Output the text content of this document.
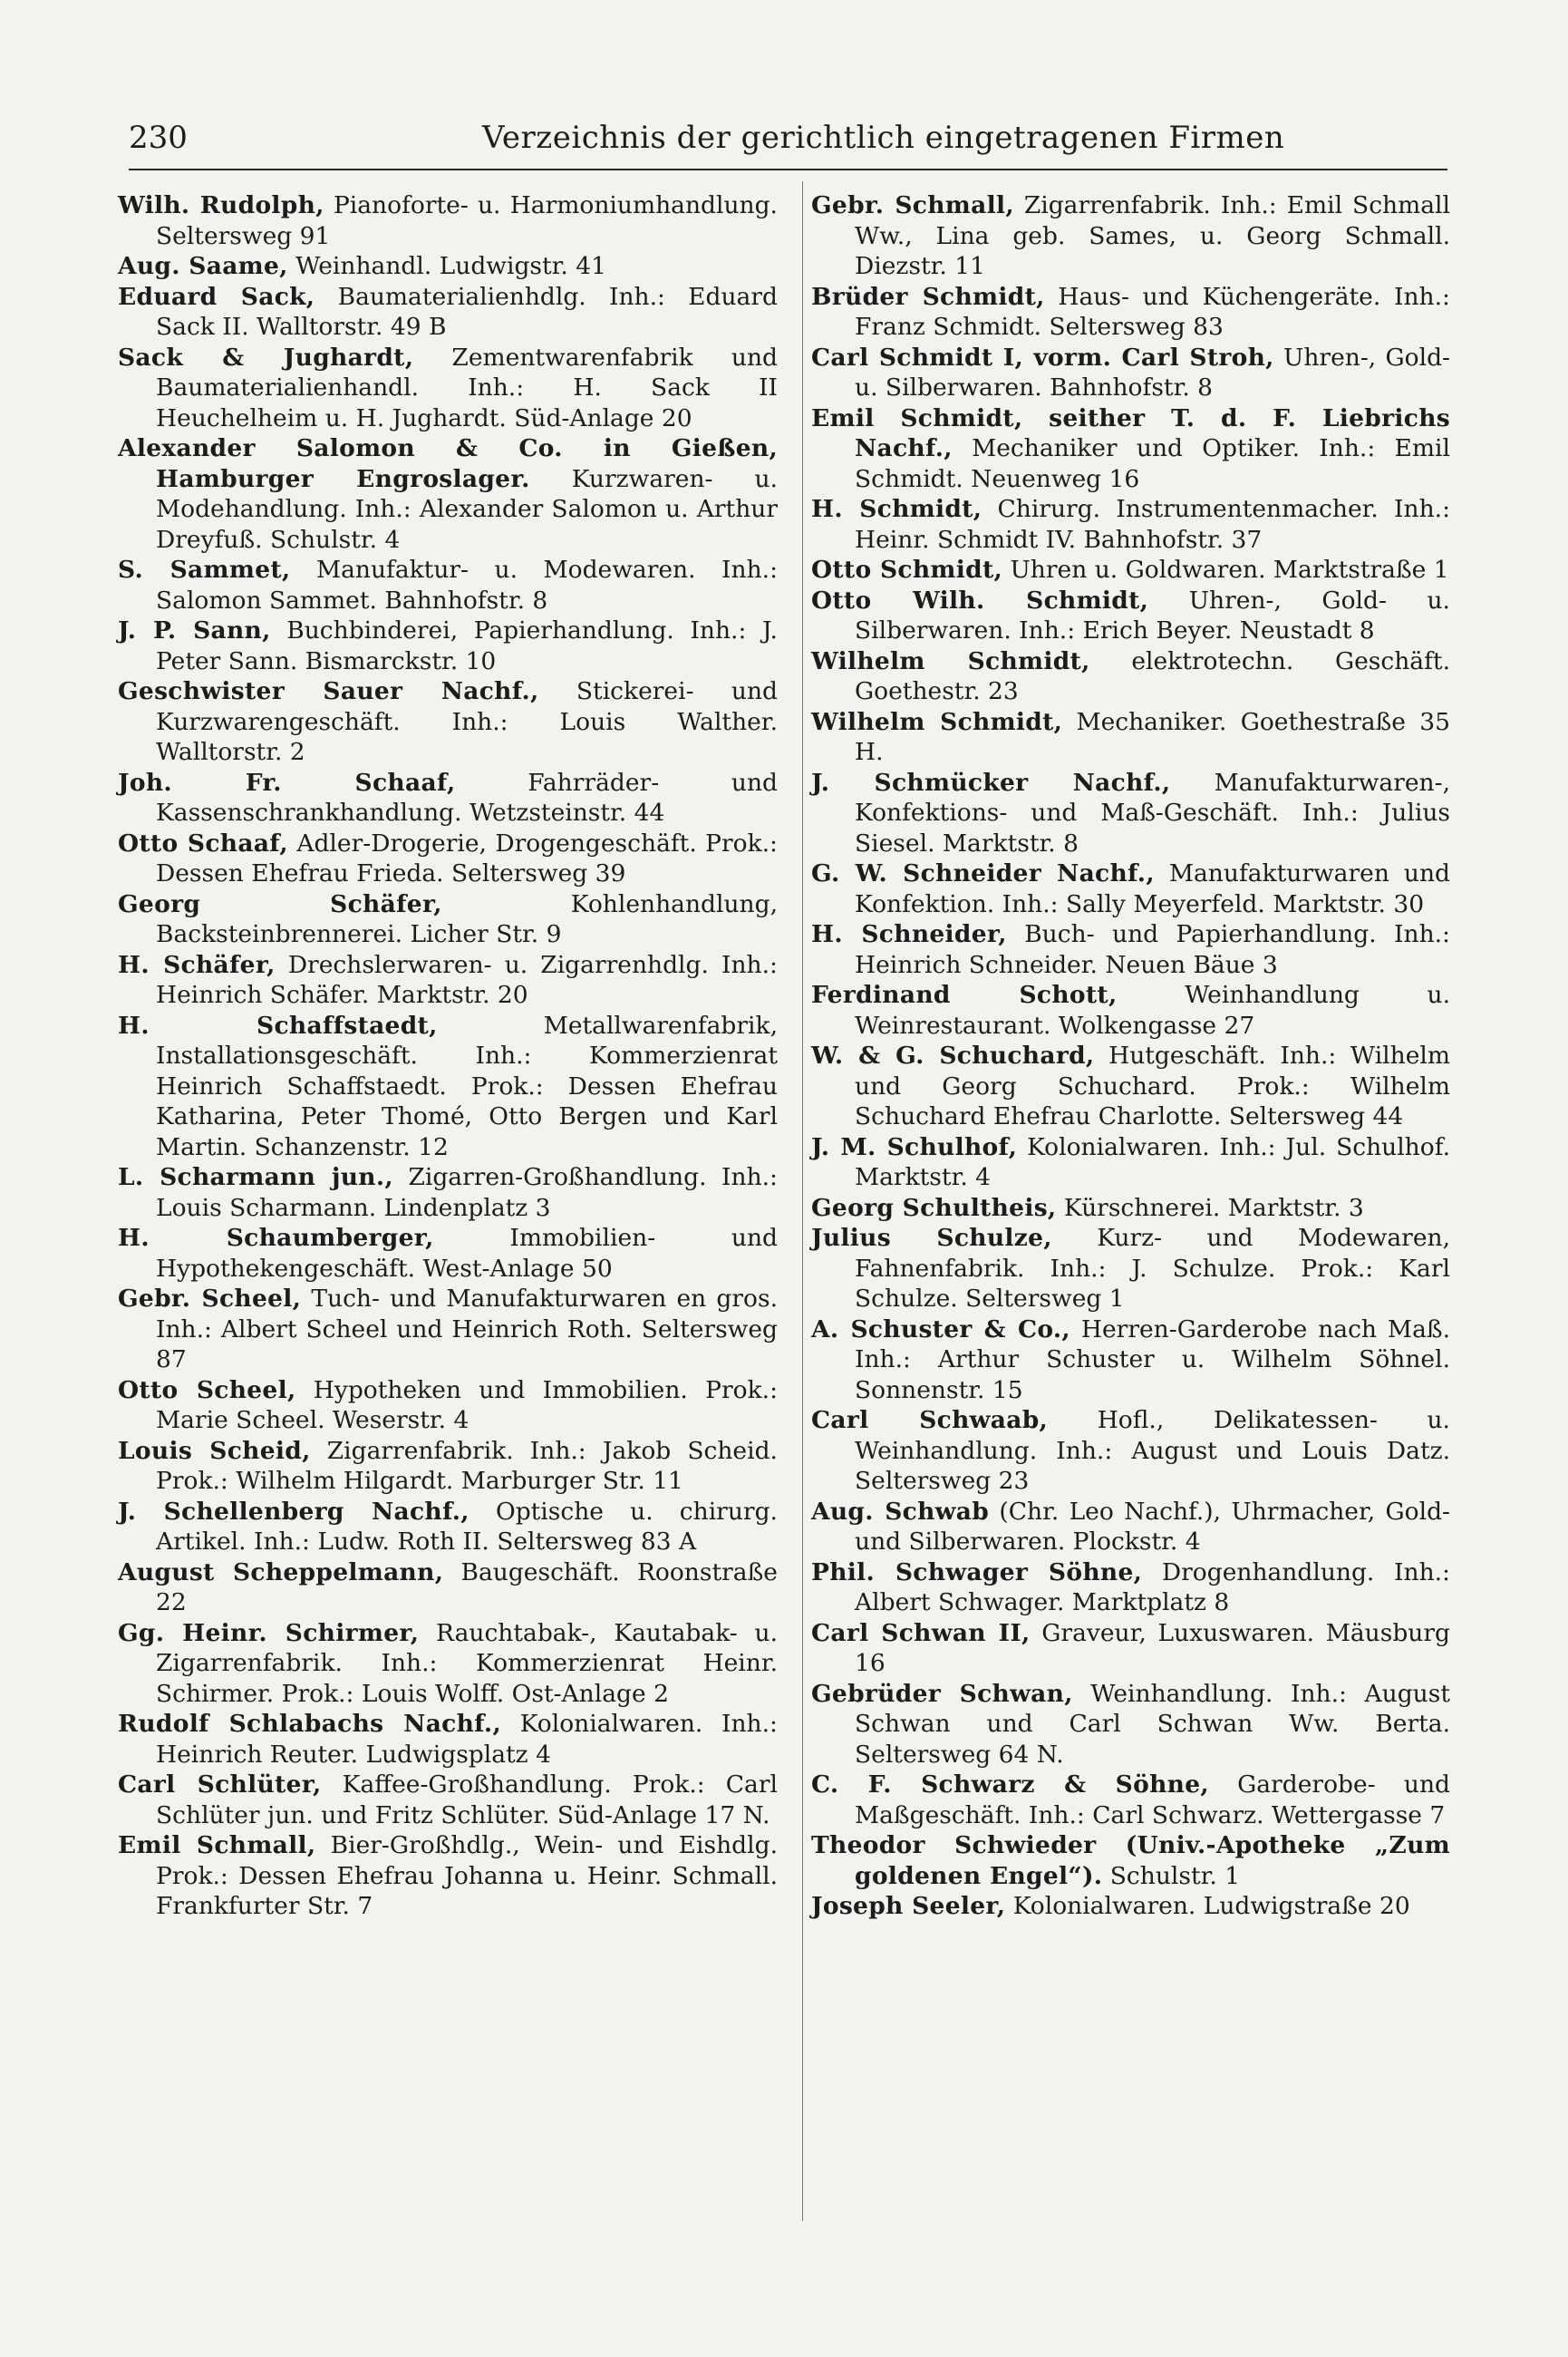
230	Verzeichnis der gerichtlich eingetragenen Firmen
Wilh. Rudolph, Pianoforte- u. Harmoniumhandlung. Seltersweg 91
Aug. Saame, Weinhandl. Ludwigstr. 41
Eduard Sack, Baumaterialienhdlg. Inh.: Eduard Sack II. Walltorstr. 49 B
Sack & Jughardt, Zementwarenfabrik und Baumaterialienhandl. Inh.: H. Sack II Heuchelheim u. H. Jughardt. Süd-Anlage 20
Alexander Salomon & Co. in Gießen, Hamburger Engroslager. Kurzwaren- u. Modehandlung. Inh.: Alexander Salomon u. Arthur Dreyfuß. Schulstr. 4
S. Sammet, Manufaktur- u. Modewaren. Inh.: Salomon Sammet. Bahnhofstr. 8
J. P. Sann, Buchbinderei, Papierhandlung. Inh.: J. Peter Sann. Bismarckstr. 10
Geschwister Sauer Nachf., Stickerei- und Kurzwarengeschäft. Inh.: Louis Walther. Walltorstr. 2
Joh. Fr. Schaaf,	Fahrräder- und Kassenschrankhandlung. Wetzsteinstr. 44
Otto Schaaf, Adler-Drogerie, Drogengeschäft. Prok.: Dessen Ehefrau Frieda. Seltersweg 39
Georg Schäfer,	Kohlenhandlung, Backsteinbrennerei. Licher Str. 9
H. Schäfer, Drechslerwaren- u. Zigarrenhdlg. Inh.: Heinrich Schäfer. Marktstr. 20
H. Schaffstaedt,	Metallwarenfabrik, Installationsgeschäft. Inh.: Kommerzienrat Heinrich Schaffstaedt. Prok.: Dessen Ehefrau Katharina, Peter Thomé, Otto Bergen und Karl Martin. Schanzenstr. 12
L. Scharmann jun., Zigarren-Großhandlung. Inh.: Louis Scharmann. Lindenplatz 3
H. Schaumberger,	Immobilien- und Hypothekengeschäft. West-Anlage 50
Gebr. Scheel, Tuch- und Manufakturwaren en gros. Inh.: Albert Scheel und Heinrich Roth. Seltersweg 87
Otto Scheel, Hypotheken und Immobilien. Prok.: Marie Scheel. Weserstr. 4
Louis Scheid, Zigarrenfabrik. Inh.: Jakob Scheid. Prok.: Wilhelm Hilgardt. Marburger Str. 11
J. Schellenberg Nachf., Optische u. chirurg. Artikel. Inh.: Ludw. Roth II. Seltersweg 83 A
August Scheppelmann, Baugeschäft. Roonstraße 22
Gg. Heinr. Schirmer, Rauchtabak-, Kautabak- u. Zigarrenfabrik. Inh.: Kommerzienrat Heinr. Schirmer. Prok.: Louis Wolff. Ost-Anlage 2
Rudolf Schlabachs Nachf., Kolonialwaren. Inh.: Heinrich Reuter. Ludwigsplatz 4
Carl Schlüter, Kaffee-Großhandlung. Prok.: Carl Schlüter jun. und Fritz Schlüter. Süd-Anlage 17 N.
Emil Schmall, Bier-Großhdlg., Wein- und Eishdlg. Prok.: Dessen Ehefrau Johanna u. Heinr. Schmall. Frankfurter Str. 7
Gebr. Schmall, Zigarrenfabrik. Inh.: Emil Schmall Ww., Lina geb. Sames, u. Georg Schmall. Diezstr. 11
Brüder Schmidt, Haus- und Küchengeräte. Inh.: Franz Schmidt. Seltersweg 83
Carl Schmidt I, vorm. Carl Stroh, Uhren-, Gold- u. Silberwaren. Bahnhofstr. 8
Emil Schmidt, seither T. d. F. Liebrichs Nachf., Mechaniker und Optiker. Inh.: Emil Schmidt. Neuenweg 16
H. Schmidt, Chirurg. Instrumentenmacher. Inh.: Heinr. Schmidt IV. Bahnhofstr. 37
Otto Schmidt, Uhren u. Goldwaren. Marktstraße 1
Otto Wilh. Schmidt, Uhren-, Gold- u. Silberwaren. Inh.: Erich Beyer. Neustadt 8
Wilhelm Schmidt, elektrotechn. Geschäft. Goethestr. 23
Wilhelm Schmidt, Mechaniker. Goethestraße 35 H.
J. Schmücker Nachf., Manufakturwaren-, Konfektions- und Maß-Geschäft. Inh.: Julius Siesel. Marktstr. 8
G. W. Schneider Nachf., Manufakturwaren und Konfektion. Inh.: Sally Meyerfeld. Marktstr. 30
H. Schneider, Buch- und Papierhandlung. Inh.: Heinrich Schneider. Neuen Bäue 3
Ferdinand Schott,	Weinhandlung u. Weinrestaurant. Wolkengasse 27
W. & G. Schuchard, Hutgeschäft. Inh.: Wilhelm und Georg Schuchard. Prok.: Wilhelm Schuchard Ehefrau Charlotte. Seltersweg 44
J. M. Schulhof, Kolonialwaren. Inh.: Jul. Schulhof. Marktstr. 4
Georg Schultheis, Kürschnerei. Marktstr. 3
Julius Schulze, Kurz- und Modewaren, Fahnenfabrik. Inh.: J. Schulze. Prok.: Karl Schulze. Seltersweg 1
A. Schuster & Co., Herren-Garderobe nach Maß. Inh.: Arthur Schuster u. Wilhelm Söhnel. Sonnenstr. 15
Carl Schwaab, Hofl., Delikatessen- u. Weinhandlung. Inh.: August und Louis Datz. Seltersweg 23
Aug. Schwab (Chr. Leo Nachf.), Uhrmacher, Gold- und Silberwaren. Plockstr. 4
Phil. Schwager Söhne, Drogenhandlung. Inh.: Albert Schwager. Marktplatz 8
Carl Schwan II, Graveur, Luxuswaren. Mäusburg 16
Gebrüder Schwan, Weinhandlung. Inh.: August Schwan und Carl Schwan Ww. Berta. Seltersweg 64 N.
C. F. Schwarz & Söhne, Garderobe- und Maßgeschäft. Inh.: Carl Schwarz. Wettergasse 7
Theodor Schwieder (Univ.-Apotheke „Zum goldenen Engel“). Schulstr. 1
Joseph Seeler, Kolonialwaren. Ludwigstraße 20
